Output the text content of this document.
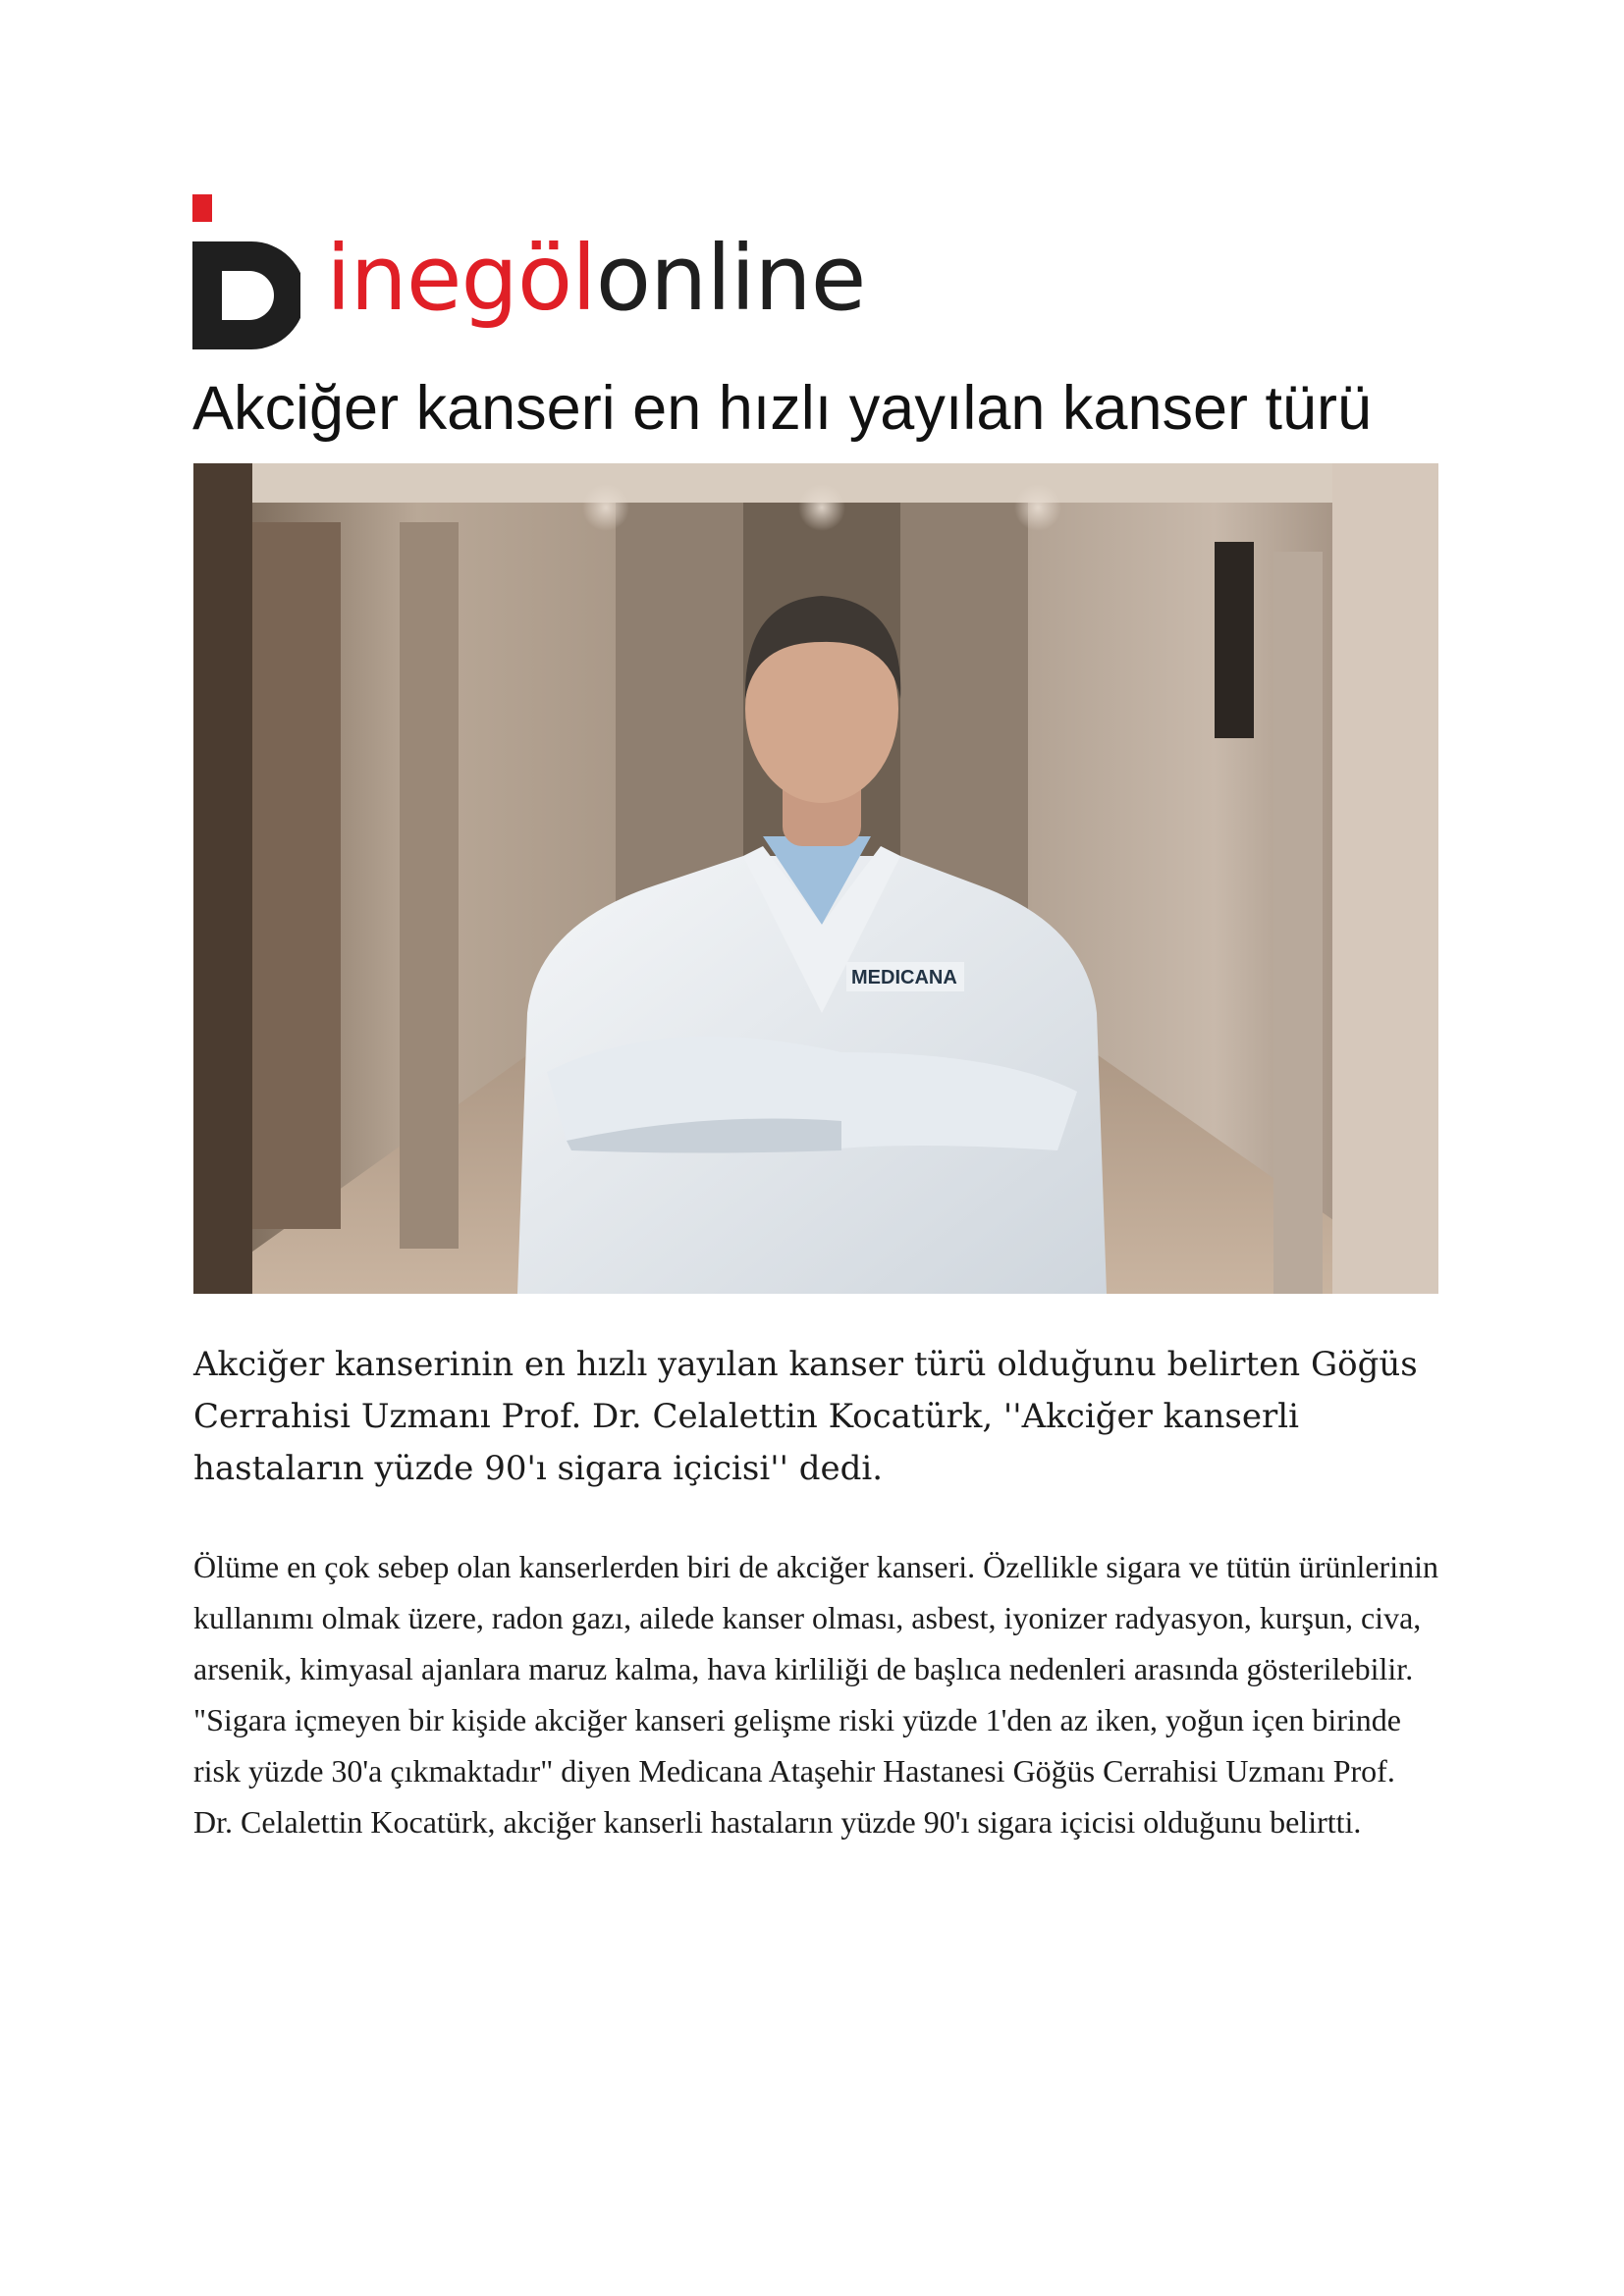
inegölonline
Akciğer kanseri en hızlı yayılan kanser türü
MEDICANA

Akciğer kanserinin en hızlı yayılan kanser türü olduğunu belirten Göğüs Cerrahisi Uzmanı Prof. Dr. Celalettin Kocatürk, ''Akciğer kanserli hastaların yüzde 90'ı sigara içicisi'' dedi.

Ölüme en çok sebep olan kanserlerden biri de akciğer kanseri. Özellikle sigara ve tütün ürünlerinin kullanımı olmak üzere, radon gazı, ailede kanser olması, asbest, iyonizer radyasyon, kurşun, civa, arsenik, kimyasal ajanlara maruz kalma, hava kirliliği de başlıca nedenleri arasında gösterilebilir. "Sigara içmeyen bir kişide akciğer kanseri gelişme riski yüzde 1'den az iken, yoğun içen birinde risk yüzde 30'a çıkmaktadır" diyen Medicana Ataşehir Hastanesi Göğüs Cerrahisi Uzmanı Prof. Dr. Celalettin Kocatürk, akciğer kanserli hastaların yüzde 90'ı sigara içicisi olduğunu belirtti.
